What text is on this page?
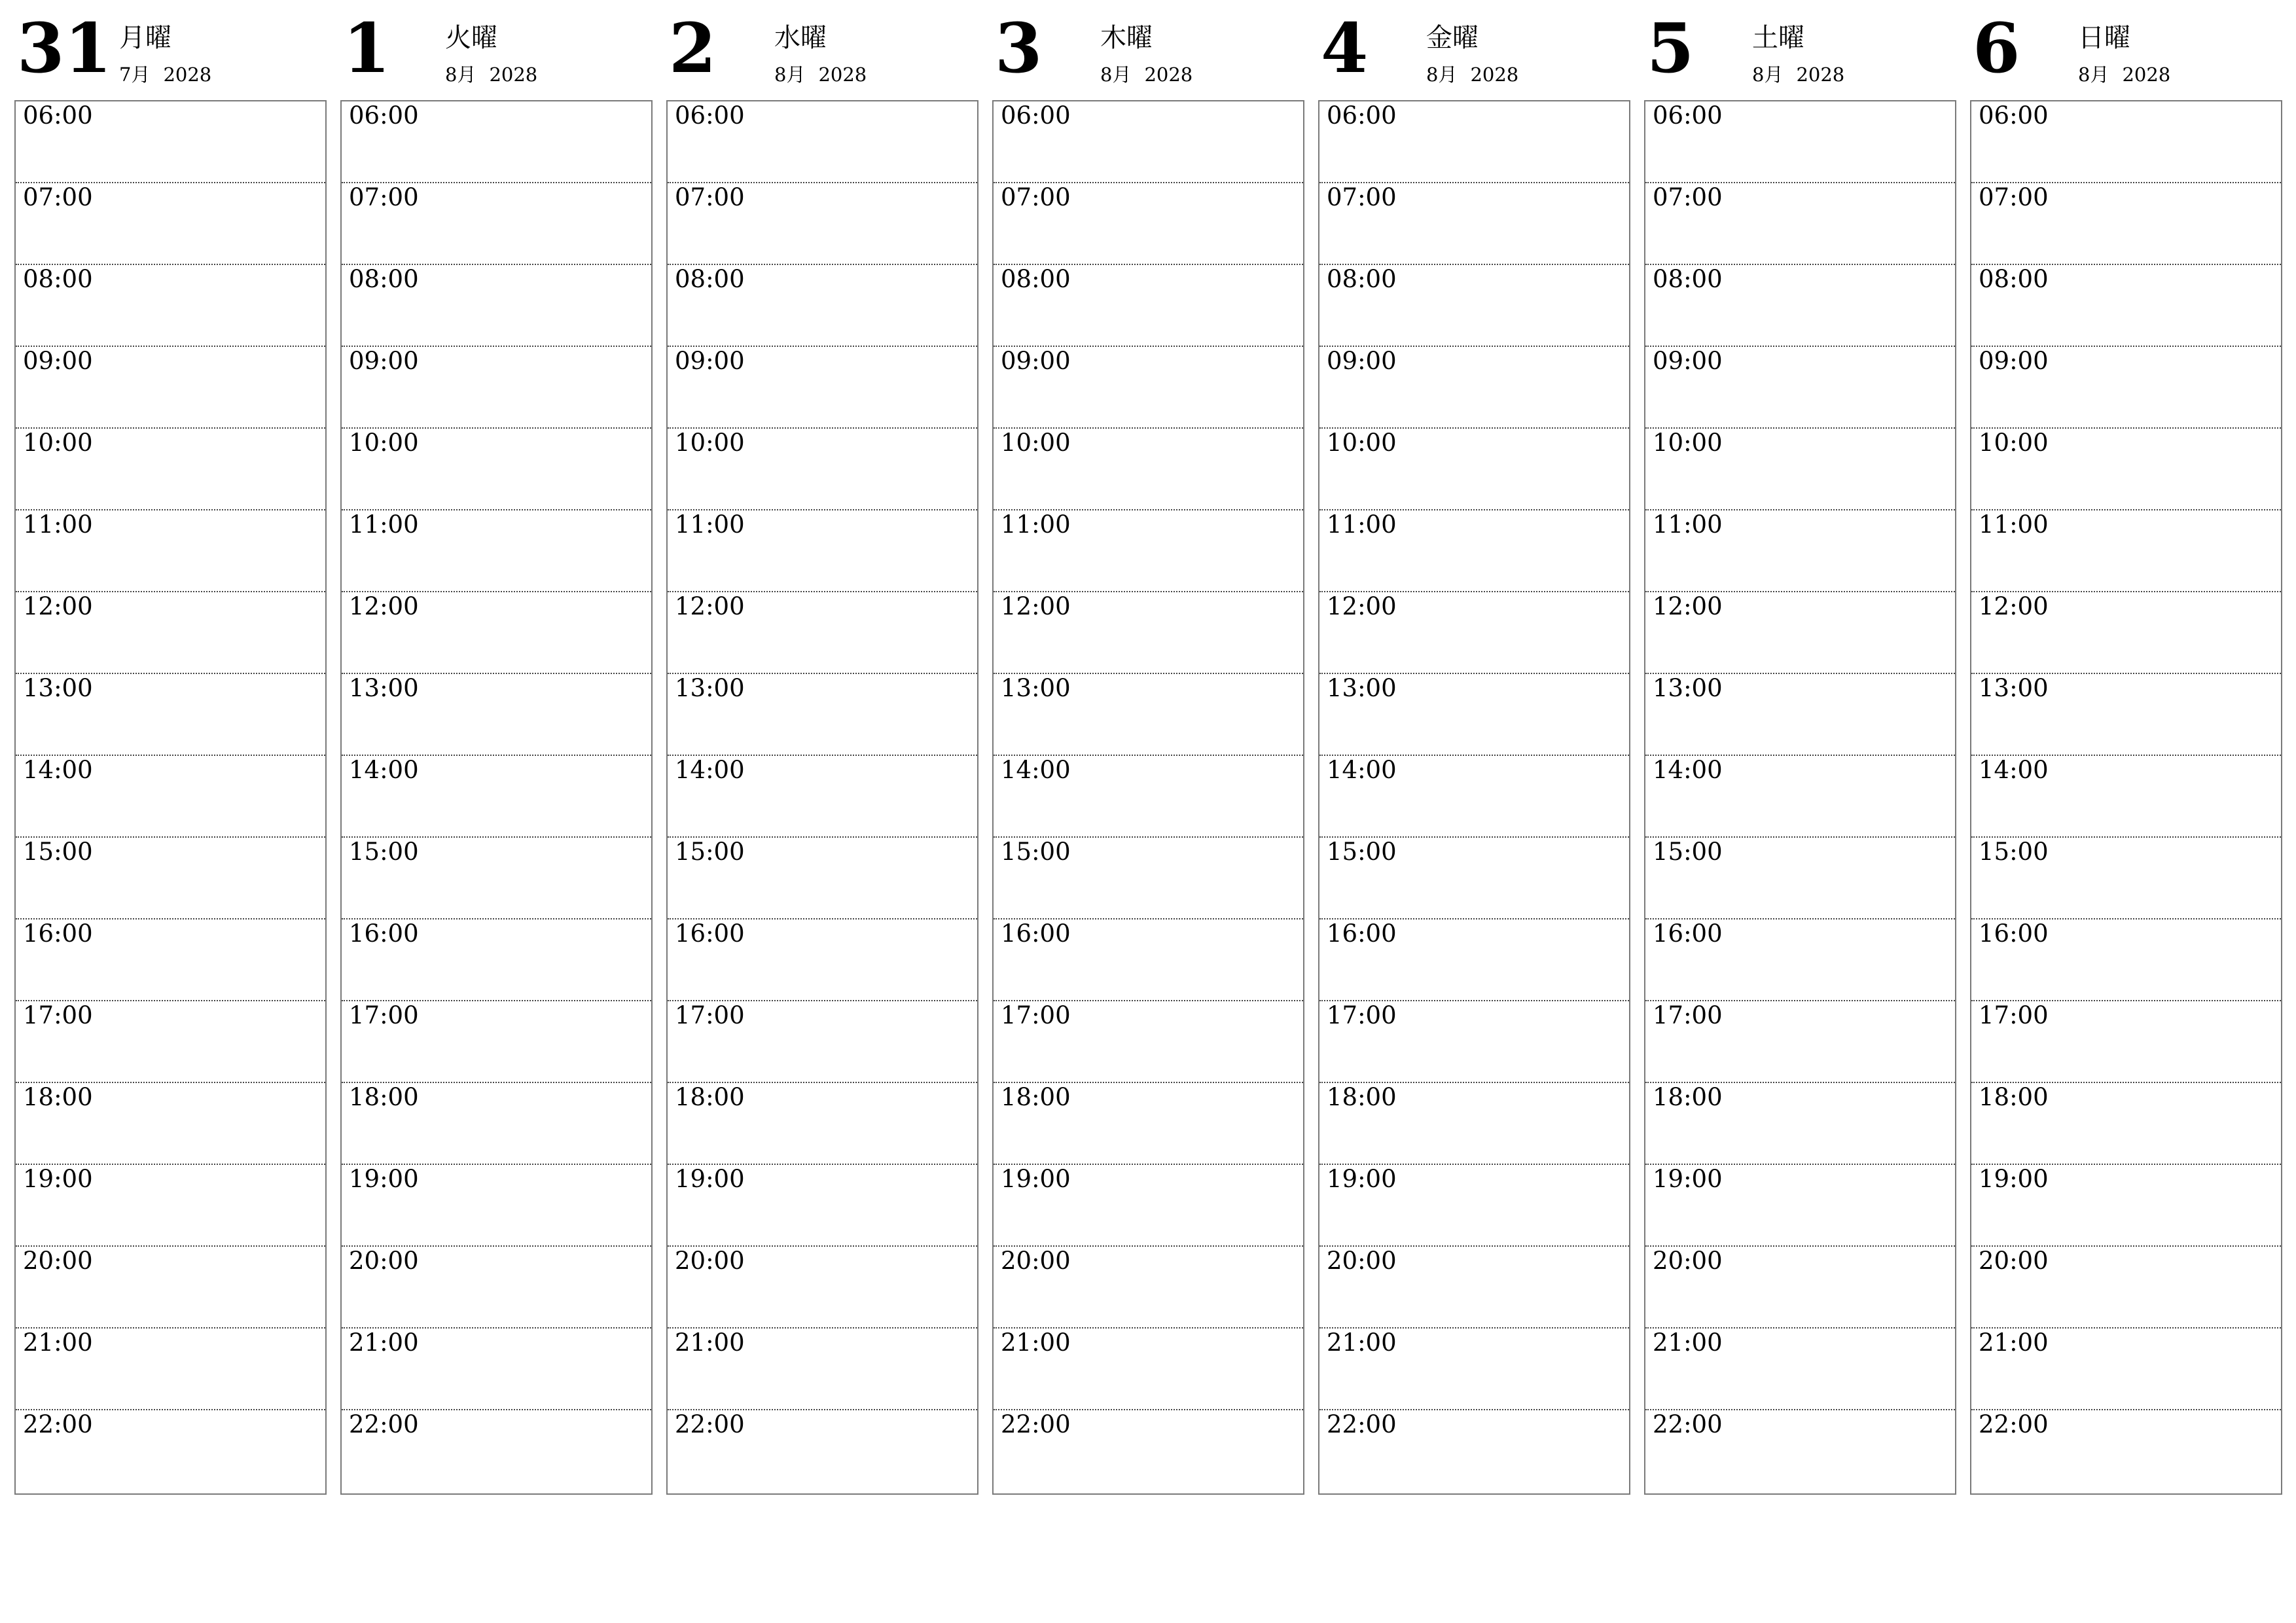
31 月曜
7月 2028
06:00
07:00
08:00
09:00
10:00
11:00
12:00
13:00
14:00
15:00
16:00
17:00
18:00
19:00
20:00
21:00
22:00
1 火曜
8月 2028
06:00
07:00
08:00
09:00
10:00
11:00
12:00
13:00
14:00
15:00
16:00
17:00
18:00
19:00
20:00
21:00
22:00
2 水曜
8月 2028
06:00
07:00
08:00
09:00
10:00
11:00
12:00
13:00
14:00
15:00
16:00
17:00
18:00
19:00
20:00
21:00
22:00
3 木曜
8月 2028
06:00
07:00
08:00
09:00
10:00
11:00
12:00
13:00
14:00
15:00
16:00
17:00
18:00
19:00
20:00
21:00
22:00
4 金曜
8月 2028
06:00
07:00
08:00
09:00
10:00
11:00
12:00
13:00
14:00
15:00
16:00
17:00
18:00
19:00
20:00
21:00
22:00
5 土曜
8月 2028
06:00
07:00
08:00
09:00
10:00
11:00
12:00
13:00
14:00
15:00
16:00
17:00
18:00
19:00
20:00
21:00
22:00
6 日曜
8月 2028
06:00
07:00
08:00
09:00
10:00
11:00
12:00
13:00
14:00
15:00
16:00
17:00
18:00
19:00
20:00
21:00
22:00
